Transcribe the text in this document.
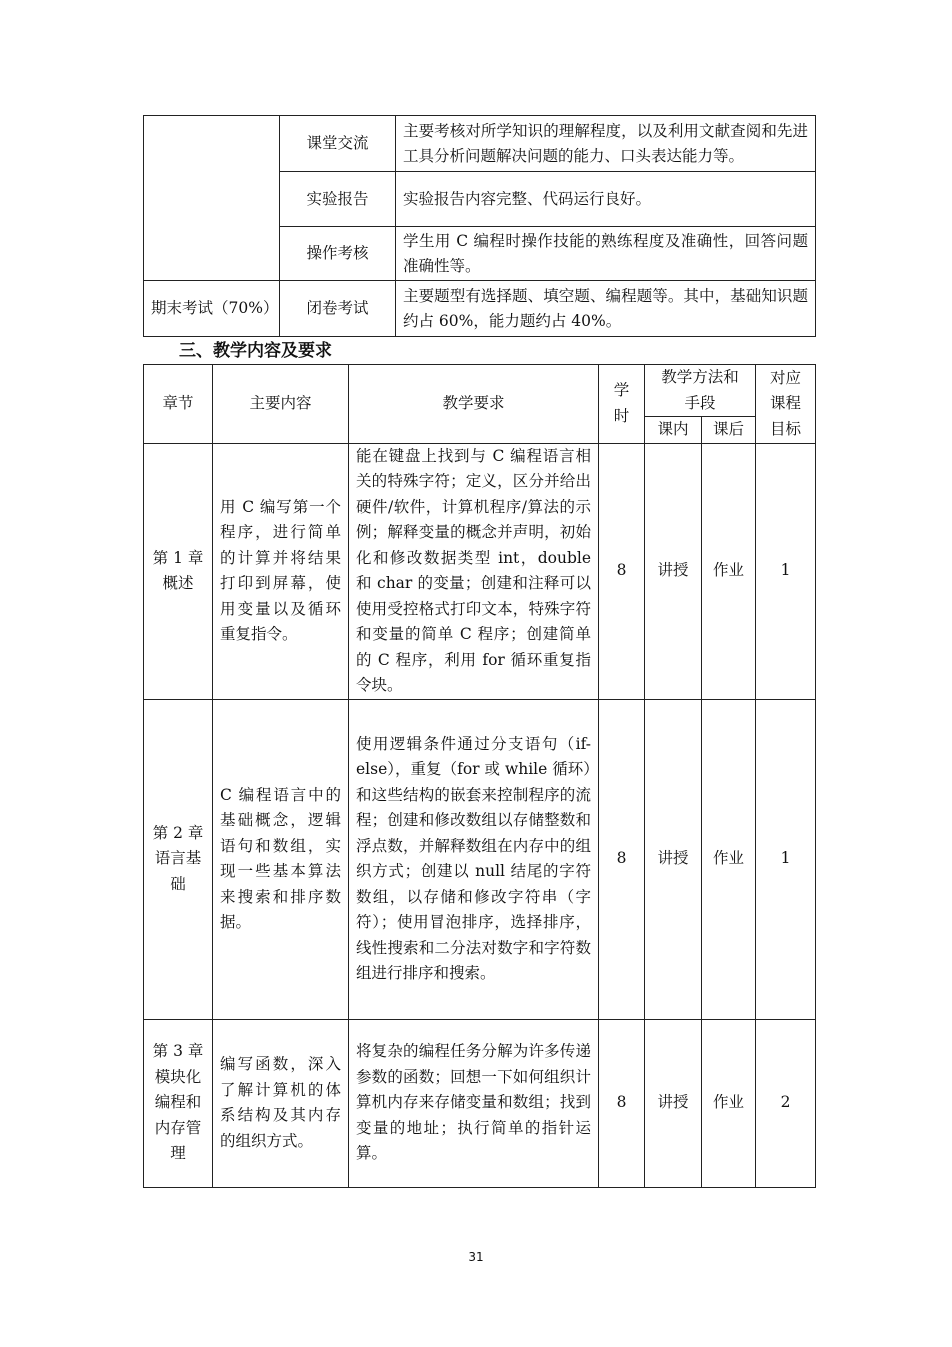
	课堂交流	主要考核对所学知识的理解程度，以及利用文献查阅和先进工具分析问题解决问题的能力、口头表达能力等。
	实验报告	实验报告内容完整、代码运行良好。
	操作考核	学生用 C 编程时操作技能的熟练程度及准确性，回答问题准确性等。
期末考试（70%）	闭卷考试	主要题型有选择题、填空题、编程题等。其中，基础知识题约占 60%，能力题约占 40%。
三、教学内容及要求
章节	主要内容	教学要求	学时	教学方法和手段		对应课程目标
				课内	课后	
第 1 章概述	用 C 编写第一个程序，进行简单的计算并将结果打印到屏幕，使用变量以及循环重复指令。	能在键盘上找到与 C 编程语言相关的特殊字符；定义，区分并给出硬件/软件，计算机程序/算法的示例；解释变量的概念并声明，初始化和修改数据类型 int，double 和 char 的变量；创建和注释可以使用受控格式打印文本，特殊字符和变量的简单 C 程序；创建简单的 C 程序，利用 for 循环重复指令块。	8	讲授	作业	1
第 2 章语言基础	C 编程语言中的基础概念，逻辑语句和数组，实现一些基本算法来搜索和排序数据。	使用逻辑条件通过分支语句（if-else），重复（for 或 while 循环）和这些结构的嵌套来控制程序的流程；创建和修改数组以存储整数和浮点数，并解释数组在内存中的组织方式；创建以 null 结尾的字符数组，以存储和修改字符串（字符）；使用冒泡排序，选择排序，线性搜索和二分法对数字和字符数组进行排序和搜索。	8	讲授	作业	1
第 3 章模块化编程和内存管理	编写函数，深入了解计算机的体系结构及其内存的组织方式。	将复杂的编程任务分解为许多传递参数的函数；回想一下如何组织计算机内存来存储变量和数组；找到变量的地址；执行简单的指针运算。	8	讲授	作业	2
31
